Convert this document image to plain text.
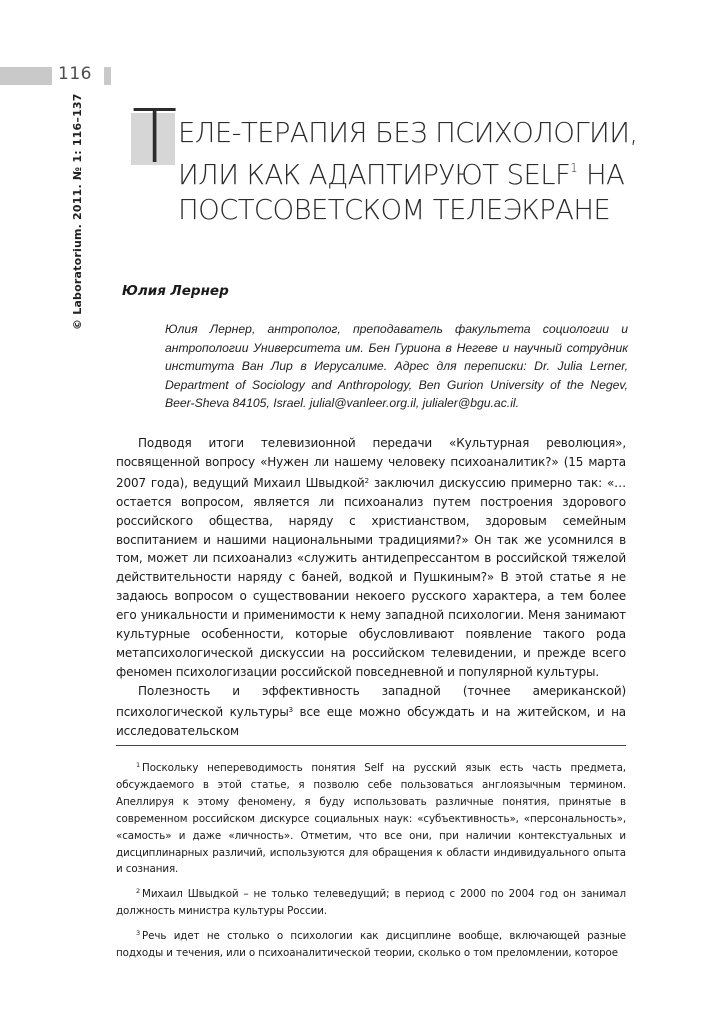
116
© Laboratorium. 2011. № 1: 116–137 Т ЕЛЕ-ТЕРАПИЯ БЕЗ ПСИХОЛОГИИ,
ИЛИ КАК АДАПТИРУЮТ SELF$^1$ НА
ПОСТСОВЕТСКОМ ТЕЛЕЭКРАНЕ
Юлия Лернер
Юлия Лернер, антрополог, преподаватель факультета социологии и антропологии Университета им. Бен Гуриона в Негеве и научный сотрудник института Ван Лир в Иерусалиме. Адрес для переписки: Dr. Julia Lerner, Department of Sociology and Anthropology, Ben Gurion University of the Negev, Beer-Sheva 84105, Israel. julial@vanleer.org.il, julialer@bgu.ac.il.

Подводя итоги телевизионной передачи «Культурная революция», посвященной вопросу «Нужен ли нашему человеку психоаналитик?» (15 марта 2007 года), ведущий Михаил Швыдкой$^2$ заключил дискуссию примерно так: «…остается вопросом, является ли психоанализ путем построения здорового российского общества, наряду с христианством, здоровым семейным воспитанием и нашими национальными традициями?» Он так же усомнился в том, может ли психоанализ «служить антидепрессантом в российской тяжелой действительности наряду с баней, водкой и Пушкиным?» В этой статье я не задаюсь вопросом о существовании некоего русского характера, а тем более его уникальности и применимости к нему западной психологии. Меня занимают культурные особенности, которые обусловливают появление такого рода метапсихологической дискуссии на российском телевидении, и прежде всего феномен психологизации российской повседневной и популярной культуры.

Полезность и эффективность западной (точнее американской) психологической культуры$^3$ все еще можно обсуждать и на житейском, и на исследовательском

$^1$ Поскольку непереводимость понятия Self на русский язык есть часть предмета, обсуждаемого в этой статье, я позволю себе пользоваться англоязычным термином. Апеллируя к этому феномену, я буду использовать различные понятия, принятые в современном российском дискурсе социальных наук: «субъективность», «персональность», «самость» и даже «личность». Отметим, что все они, при наличии контекстуальных и дисциплинарных различий, используются для обращения к области индивидуального опыта и сознания.

$^2$ Михаил Швыдкой – не только телеведущий; в период с 2000 по 2004 год он занимал должность министра культуры России.

$^3$ Речь идет не столько о психологии как дисциплине вообще, включающей разные подходы и течения, или о психоаналитической теории, сколько о том преломлении, которое
